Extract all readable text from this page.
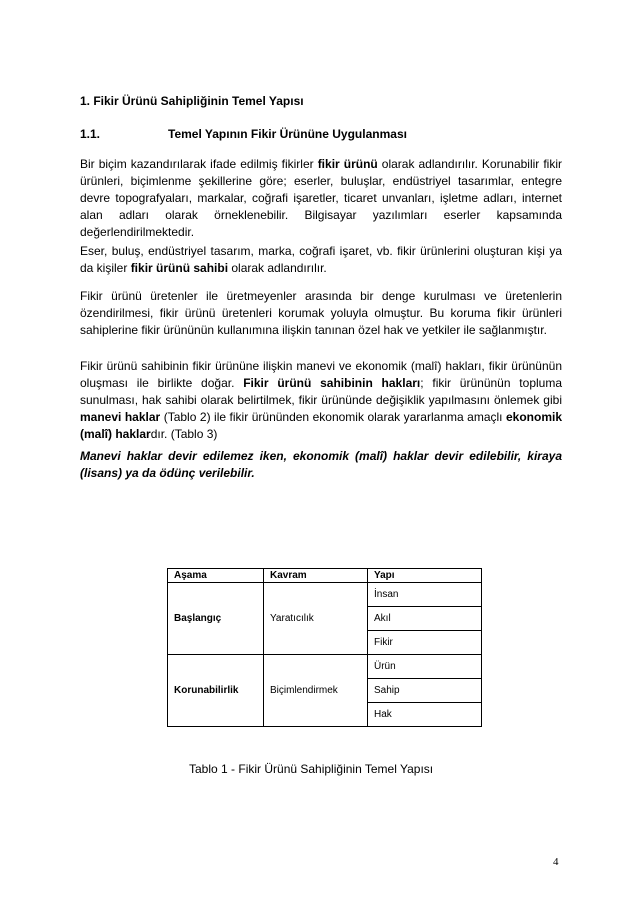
1. Fikir Ürünü Sahipliğinin Temel Yapısı
1.1.	Temel Yapının Fikir Ürününe Uygulanması
Bir biçim kazandırılarak ifade edilmiş fikirler fikir ürünü olarak adlandırılır. Korunabilir fikir ürünleri, biçimlenme şekillerine göre; eserler, buluşlar, endüstriyel tasarımlar, entegre devre topografyaları, markalar, coğrafi işaretler, ticaret unvanları, işletme adları, internet alan adları olarak örneklenebilir. Bilgisayar yazılımları eserler kapsamında değerlendirilmektedir.
Eser, buluş, endüstriyel tasarım, marka, coğrafi işaret, vb. fikir ürünlerini oluşturan kişi ya da kişiler fikir ürünü sahibi olarak adlandırılır.
Fikir ürünü üretenler ile üretmeyenler arasında bir denge kurulması ve üretenlerin özendirilmesi, fikir ürünü üretenleri korumak yoluyla olmuştur. Bu koruma fikir ürünleri sahiplerine fikir ürününün kullanımına ilişkin tanınan özel hak ve yetkiler ile sağlanmıştır.
Fikir ürünü sahibinin fikir ürününe ilişkin manevi ve ekonomik (malî) hakları, fikir ürününün oluşması ile birlikte doğar. Fikir ürünü sahibinin hakları; fikir ürününün topluma sunulması, hak sahibi olarak belirtilmek, fikir ürününde değişiklik yapılmasını önlemek gibi manevi haklar (Tablo 2) ile fikir ürününden ekonomik olarak yararlanma amaçlı ekonomik (malî) haklardır. (Tablo 3)
Manevi haklar devir edilemez iken, ekonomik (malî) haklar devir edilebilir, kiraya (lisans) ya da ödünç verilebilir.
Aşama	Kavram	Yapı
Başlangıç	Yaratıcılık	İnsan
		Akıl
		Fikir
Korunabilirlik	Biçimlendirmek	Ürün
		Sahip
		Hak
Tablo 1 - Fikir Ürünü Sahipliğinin Temel Yapısı
4
